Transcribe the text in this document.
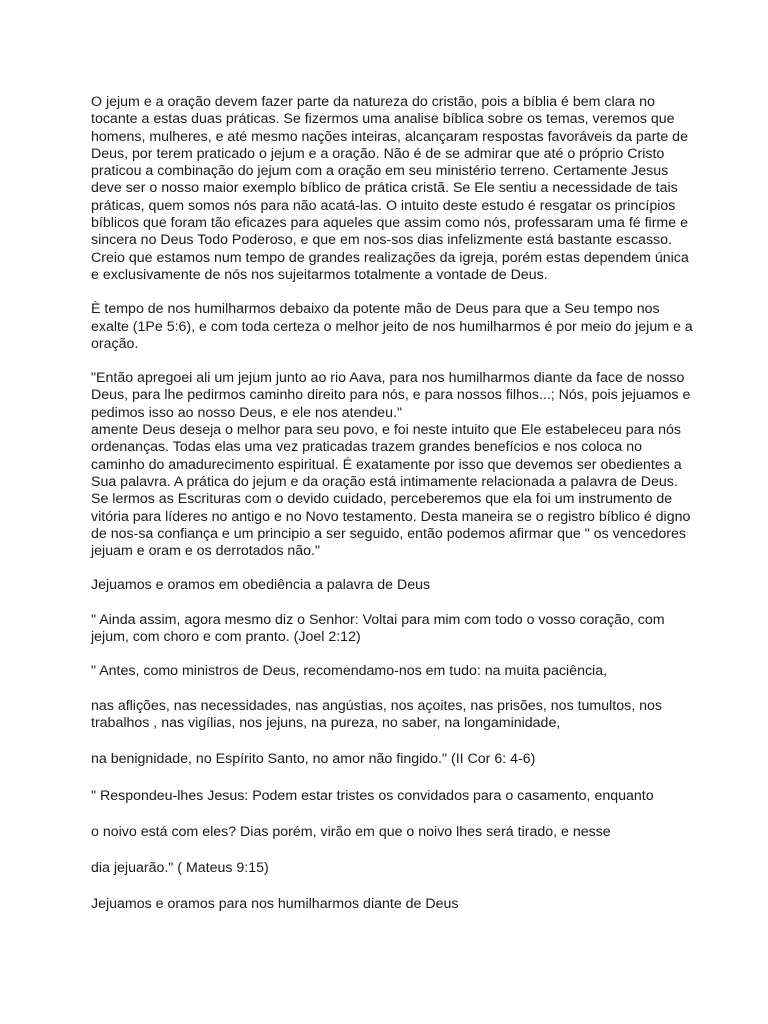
O jejum e a oração devem fazer parte da natureza do cristão, pois a bíblia é bem clara no
tocante a estas duas práticas. Se fizermos uma analise bíblica sobre os temas, veremos que
homens, mulheres, e até mesmo nações inteiras, alcançaram respostas favoráveis da parte de
Deus, por terem praticado o jejum e a oração. Não é de se admirar que até o próprio Cristo
praticou a combinação do jejum com a oração em seu ministério terreno. Certamente Jesus
deve ser o nosso maior exemplo bíblico de prática cristã. Se Ele sentiu a necessidade de tais
práticas, quem somos nós para não acatá-las. O intuito deste estudo é resgatar os princípios
bíblicos que foram tão eficazes para aqueles que assim como nós, professaram uma fé firme e
sincera no Deus Todo Poderoso, e que em nos-sos dias infelizmente está bastante escasso.
Creio que estamos num tempo de grandes realizações da igreja, porém estas dependem única
e exclusivamente de nós nos sujeitarmos totalmente a vontade de Deus.

È tempo de nos humilharmos debaixo da potente mão de Deus para que a Seu tempo nos
exalte (1Pe 5:6), e com toda certeza o melhor jeito de nos humilharmos é por meio do jejum e a
oração.

"Então apregoei ali um jejum junto ao rio Aava, para nos humilharmos diante da face de nosso
Deus, para lhe pedirmos caminho direito para nós, e para nossos filhos...; Nós, pois jejuamos e
pedimos isso ao nosso Deus, e ele nos atendeu."
amente Deus deseja o melhor para seu povo, e foi neste intuito que Ele estabeleceu para nós
ordenanças. Todas elas uma vez praticadas trazem grandes benefícios e nos coloca no
caminho do amadurecimento espiritual. É exatamente por isso que devemos ser obedientes a
Sua palavra. A prática do jejum e da oração está intimamente relacionada a palavra de Deus.
Se lermos as Escrituras com o devido cuidado, perceberemos que ela foi um instrumento de
vitória para líderes no antigo e no Novo testamento. Desta maneira se o registro bíblico é digno
de nos-sa confiança e um principio a ser seguido, então podemos afirmar que " os vencedores
jejuam e oram e os derrotados não."

Jejuamos e oramos em obediência a palavra de Deus

" Ainda assim, agora mesmo diz o Senhor: Voltai para mim com todo o vosso coração, com
jejum, com choro e com pranto. (Joel 2:12)

" Antes, como ministros de Deus, recomendamo-nos em tudo: na muita paciência,

nas aflições, nas necessidades, nas angústias, nos açoites, nas prisões, nos tumultos, nos
trabalhos , nas vigílias, nos jejuns, na pureza, no saber, na longaminidade,

na benignidade, no Espírito Santo, no amor não fingido." (II Cor 6: 4-6)

" Respondeu-lhes Jesus: Podem estar tristes os convidados para o casamento, enquanto

o noivo está com eles? Dias porém, virão em que o noivo lhes será tirado, e nesse

dia jejuarão." ( Mateus 9:15)

Jejuamos e oramos para nos humilharmos diante de Deus
